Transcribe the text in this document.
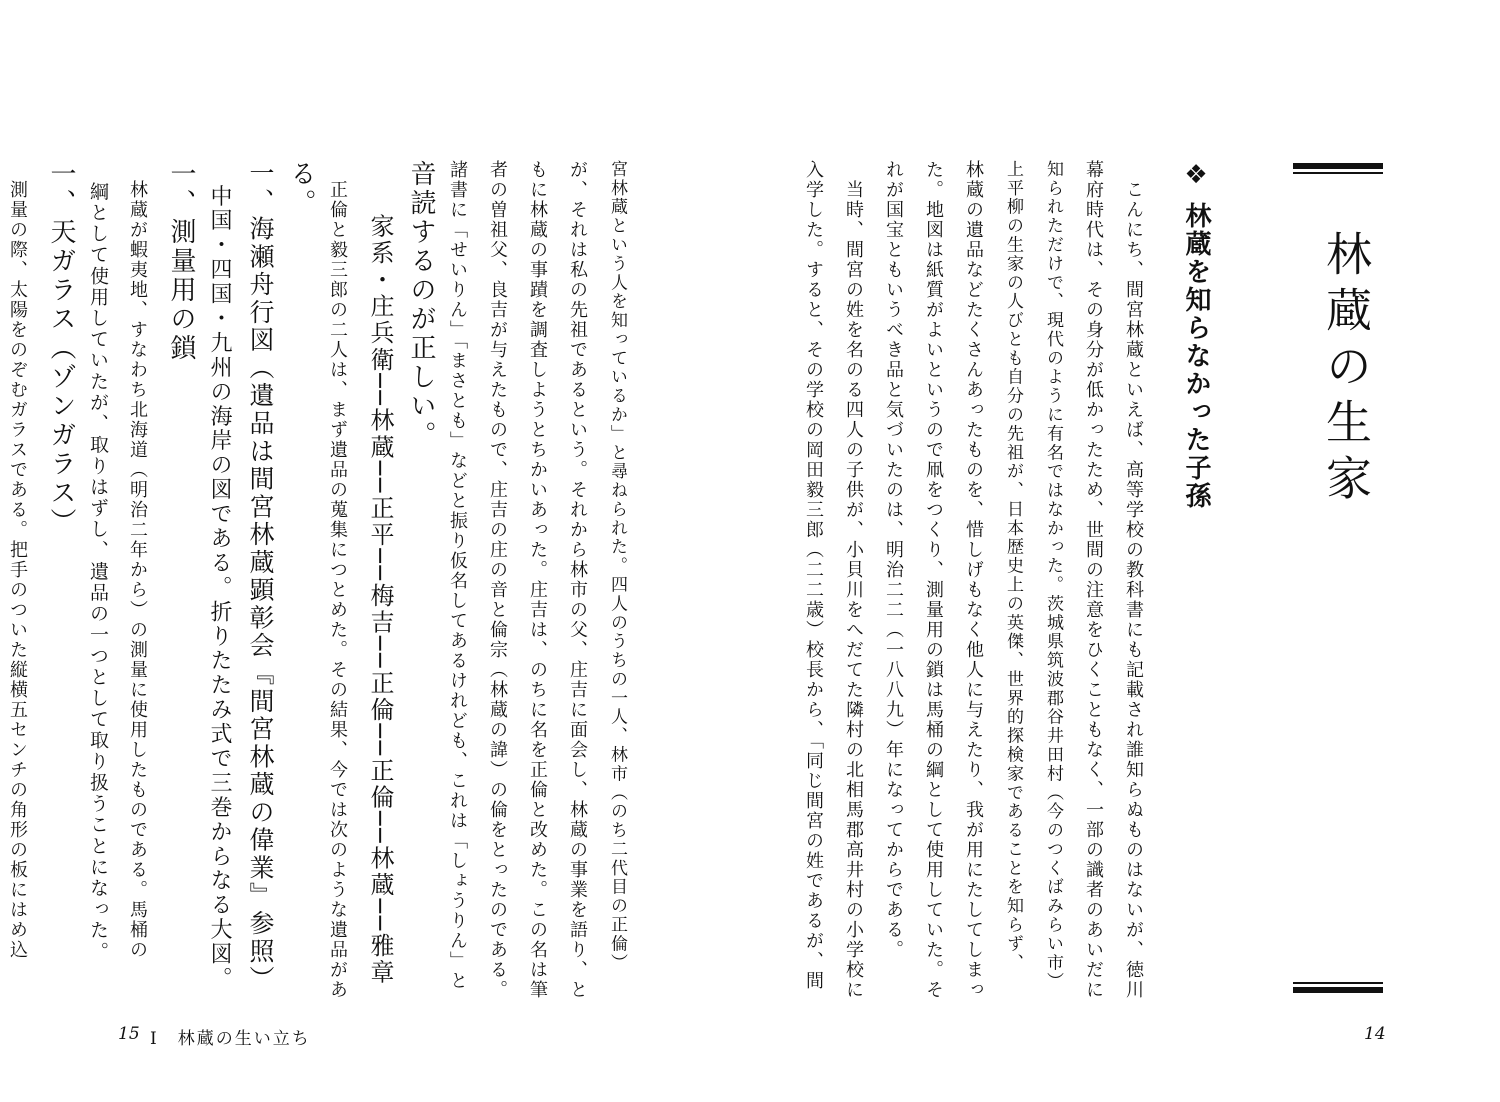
林蔵の生家
❖林蔵を知らなかった子孫
　こんにち、間宮林蔵といえば、高等学校の教科書にも記載され誰知らぬものはないが、徳川
幕府時代は、その身分が低かったため、世間の注意をひくこともなく、一部の識者のあいだに
知られただけで、現代のように有名ではなかった。茨城県筑波郡谷井田村（今のつくばみらい市）
上平柳の生家の人びとも自分の先祖が、日本歴史上の英傑、世界的探検家であることを知らず、
林蔵の遺品などたくさんあったものを、惜しげもなく他人に与えたり、我が用にたしてしまっ
た。地図は紙質がよいというので凧をつくり、測量用の鎖は馬桶の綱として使用していた。そ
れが国宝ともいうべき品と気づいたのは、明治二二（一八八九）年になってからである。
　当時、間宮の姓を名のる四人の子供が、小貝川をへだてた隣村の北相馬郡高井村の小学校に
入学した。すると、その学校の岡田毅三郎（二二歳）校長から、「同じ間宮の姓であるが、間
宮林蔵という人を知っているか」と尋ねられた。四人のうちの一人、林市（のち二代目の正倫）
が、それは私の先祖であるという。それから林市の父、庄吉に面会し、林蔵の事業を語り、と
もに林蔵の事蹟を調査しようとちかいあった。庄吉は、のちに名を正倫と改めた。この名は筆
者の曽祖父、良吉が与えたもので、庄吉の庄の音と倫宗（林蔵の諱）の倫をとったのである。
諸書に「せいりん」「まさとも」などと振り仮名してあるけれども、これは「しょうりん」と
音読するのが正しい。
　　家系・庄兵衛──林蔵──正平──梅吉──正倫──正倫──林蔵──雅章
　正倫と毅三郎の二人は、まず遺品の蒐集につとめた。その結果、今では次のような遺品があ
る。
一、海瀬舟行図（遺品は間宮林蔵顕彰会『間宮林蔵の偉業』参照）
　中国・四国・九州の海岸の図である。折りたたみ式で三巻からなる大図。
一、測量用の鎖
　林蔵が蝦夷地、すなわち北海道（明治二年から）の測量に使用したものである。馬桶の
　綱として使用していたが、取りはずし、遺品の一つとして取り扱うことになった。
一、天ガラス（ゾンガラス）
　測量の際、太陽をのぞむガラスである。把手のついた縦横五センチの角形の板にはめ込
15 I　林蔵の生い立ち	14
